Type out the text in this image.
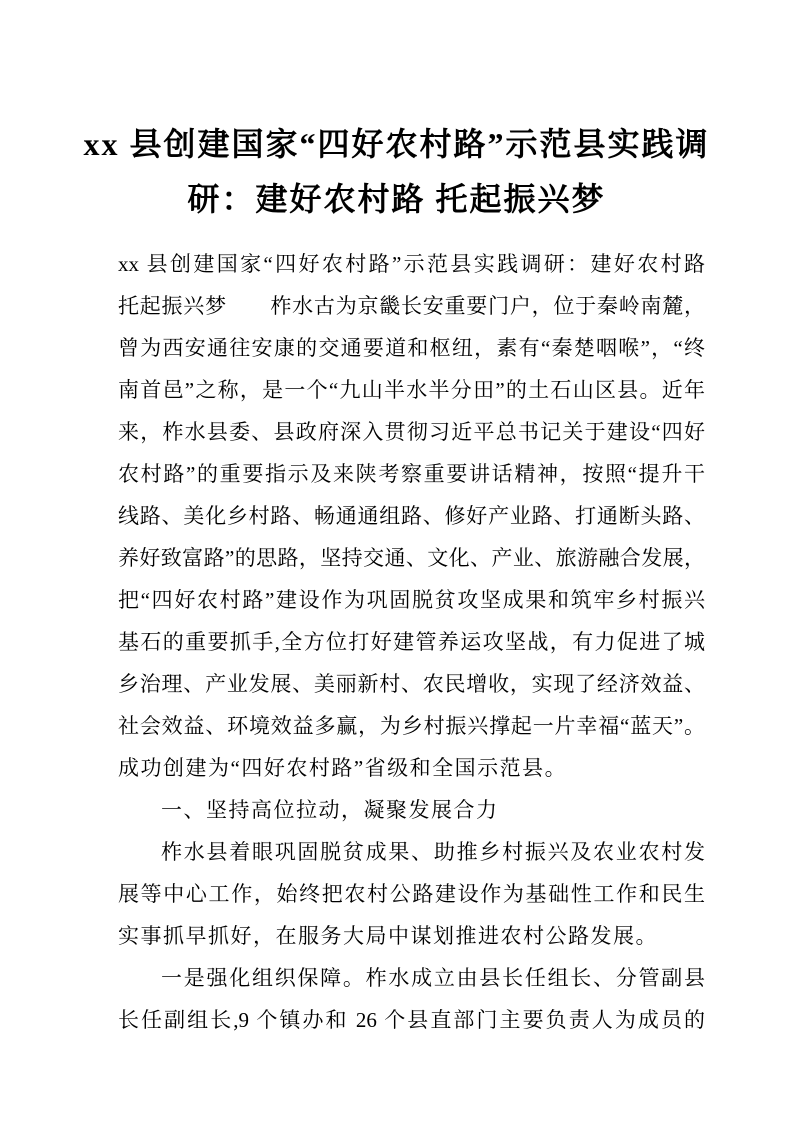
xx 县创建国家“四好农村路”示范县实践调
研：建好农村路 托起振兴梦
xx 县创建国家“四好农村路”示范县实践调研：建好农村路
托起振兴梦　　柞水古为京畿长安重要门户，位于秦岭南麓，
曾为西安通往安康的交通要道和枢纽，素有“秦楚咽喉”，“终
南首邑”之称，是一个“九山半水半分田”的土石山区县。近年
来，柞水县委、县政府深入贯彻习近平总书记关于建设“四好
农村路”的重要指示及来陕考察重要讲话精神，按照“提升干
线路、美化乡村路、畅通通组路、修好产业路、打通断头路、
养好致富路”的思路，坚持交通、文化、产业、旅游融合发展，
把“四好农村路”建设作为巩固脱贫攻坚成果和筑牢乡村振兴
基石的重要抓手,全方位打好建管养运攻坚战，有力促进了城
乡治理、产业发展、美丽新村、农民增收，实现了经济效益、
社会效益、环境效益多赢，为乡村振兴撑起一片幸福“蓝天”。
成功创建为“四好农村路”省级和全国示范县。
一、坚持高位拉动，凝聚发展合力
柞水县着眼巩固脱贫成果、助推乡村振兴及农业农村发
展等中心工作，始终把农村公路建设作为基础性工作和民生
实事抓早抓好，在服务大局中谋划推进农村公路发展。
一是强化组织保障。柞水成立由县长任组长、分管副县
长任副组长,9 个镇办和 26 个县直部门主要负责人为成员的
